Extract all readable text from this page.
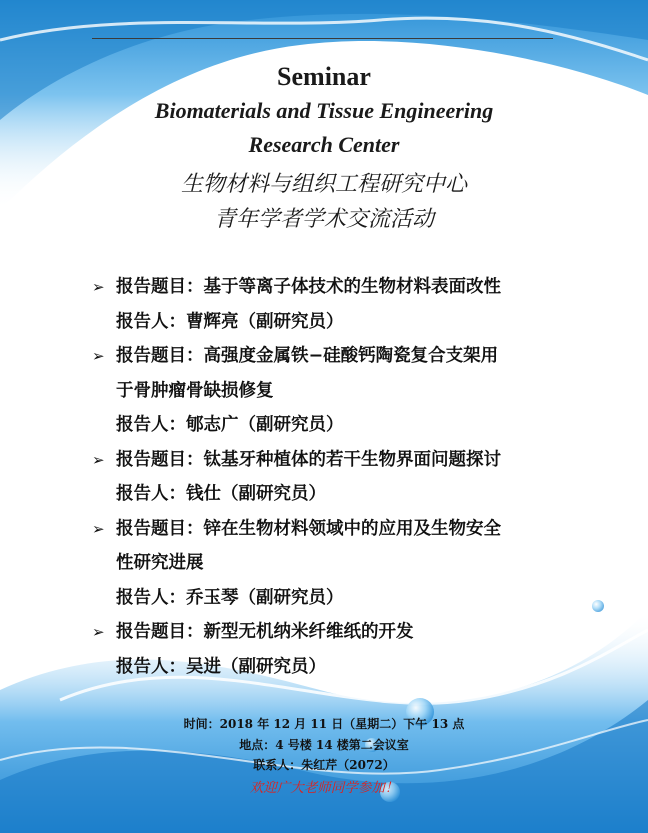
Seminar
Biomaterials and Tissue Engineering
Research Center
生物材料与组织工程研究中心
青年学者学术交流活动
➢ 报告题目：基于等离子体技术的生物材料表面改性
报告人：曹辉亮（副研究员）
➢ 报告题目：高强度金属铁−硅酸钙陶瓷复合支架用
于骨肿瘤骨缺损修复
报告人：郇志广（副研究员）
➢ 报告题目：钛基牙种植体的若干生物界面问题探讨
报告人：钱仕（副研究员）
➢ 报告题目：锌在生物材料领域中的应用及生物安全
性研究进展
报告人：乔玉琴（副研究员）
➢ 报告题目：新型无机纳米纤维纸的开发
报告人：吴进（副研究员）
时间：2018 年 12 月 11 日（星期二）下午 13 点
地点：4 号楼 14 楼第二会议室
联系人：朱红芹（2072）
欢迎广大老师同学参加！
